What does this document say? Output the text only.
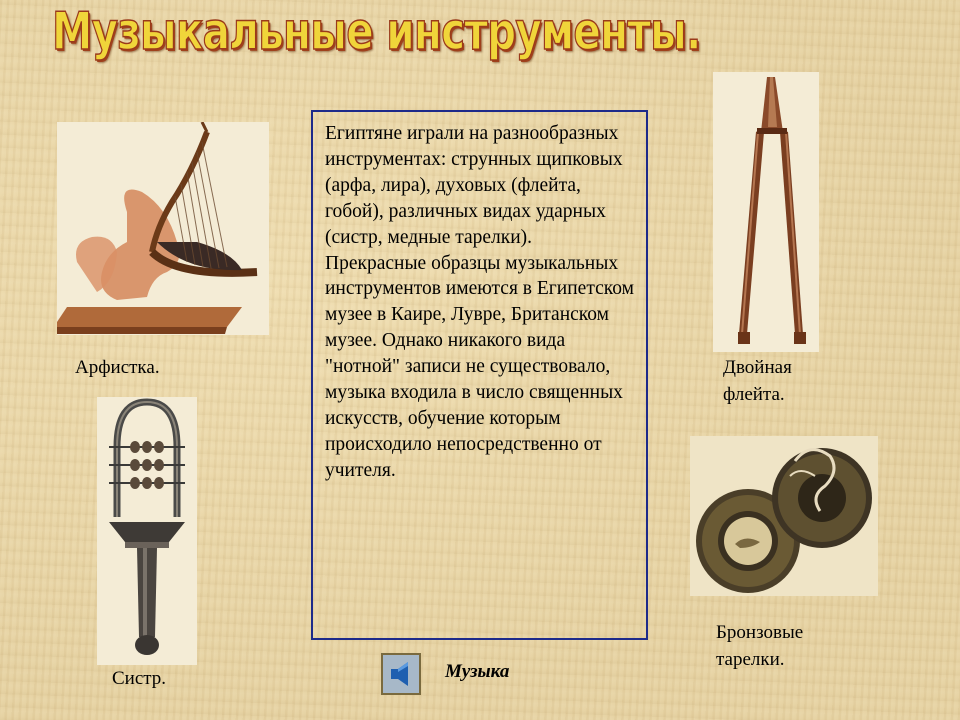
Музыкальные инструменты.
Арфистка.
Систр.
Египтяне играли на разнообразных инструментах: струнных щипковых (арфа, лира), духовых (флейта, гобой), различных видах ударных (систр, медные тарелки). Прекрасные образцы музыкальных инструментов имеются в Египетском музее в Каире, Лувре, Британском музее. Однако никакого вида "нотной" записи не существовало, музыка входила в число священных искусств, обучение которым происходило непосредственно от учителя.
Двойная
флейта.
Бронзовые
тарелки.
Музыка
